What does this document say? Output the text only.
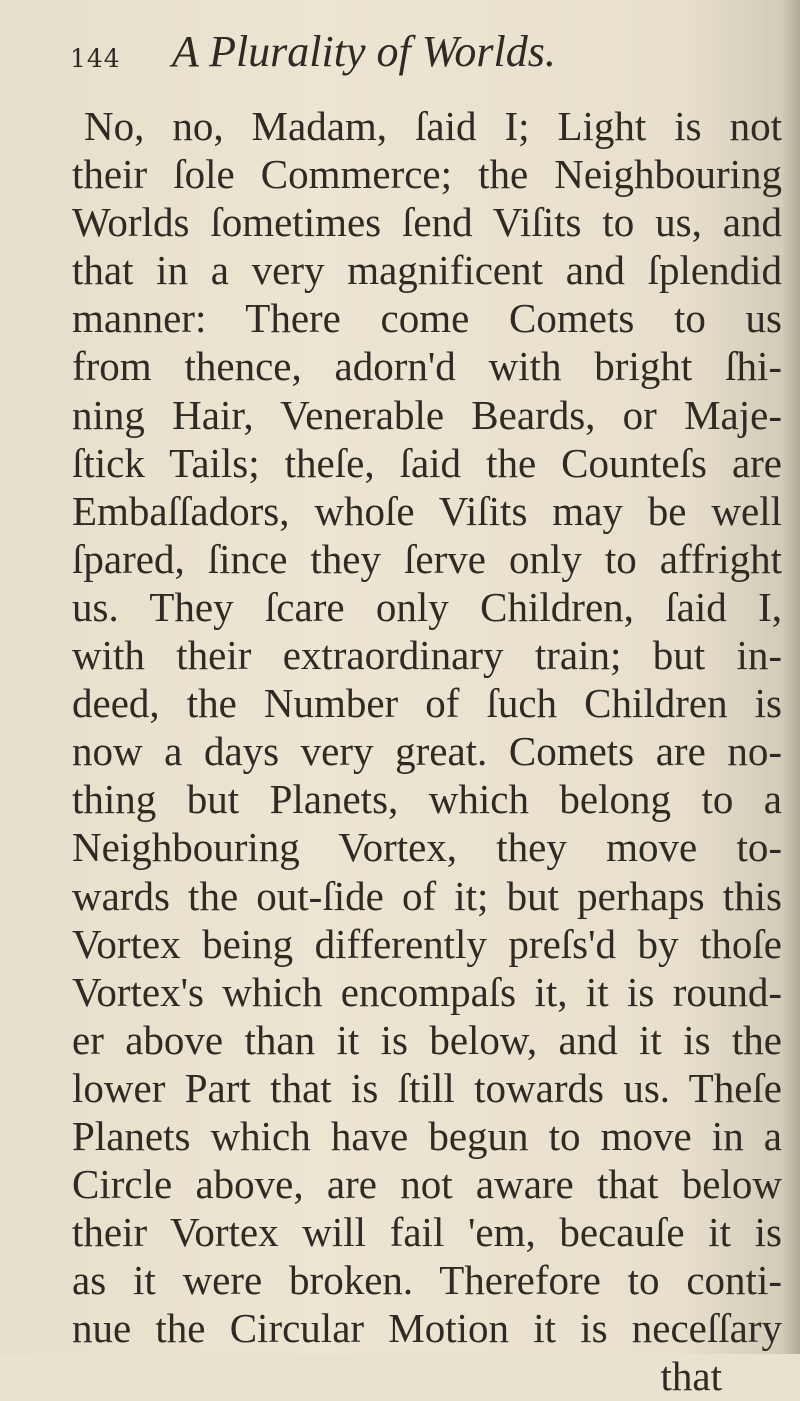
144 A Plurality of Worlds.
No, no, Madam, ſaid I; Light is not
their ſole Commerce; the Neighbouring
Worlds ſometimes ſend Viſits to us, and
that in a very magnificent and ſplendid
manner: There come Comets to us
from thence, adorn'd with bright ſhi-
ning Hair, Venerable Beards, or Maje-
ſtick Tails; theſe, ſaid the Counteſs are
Embaſſadors, whoſe Viſits may be well
ſpared, ſince they ſerve only to affright
us. They ſcare only Children, ſaid I,
with their extraordinary train; but in-
deed, the Number of ſuch Children is
now a days very great. Comets are no-
thing but Planets, which belong to a
Neighbouring Vortex, they move to-
wards the out-ſide of it; but perhaps this
Vortex being differently preſs'd by thoſe
Vortex's which encompaſs it, it is round-
er above than it is below, and it is the
lower Part that is ſtill towards us. Theſe
Planets which have begun to move in a
Circle above, are not aware that below
their Vortex will fail 'em, becauſe it is
as it were broken. Therefore to conti-
nue the Circular Motion it is neceſſary
that
